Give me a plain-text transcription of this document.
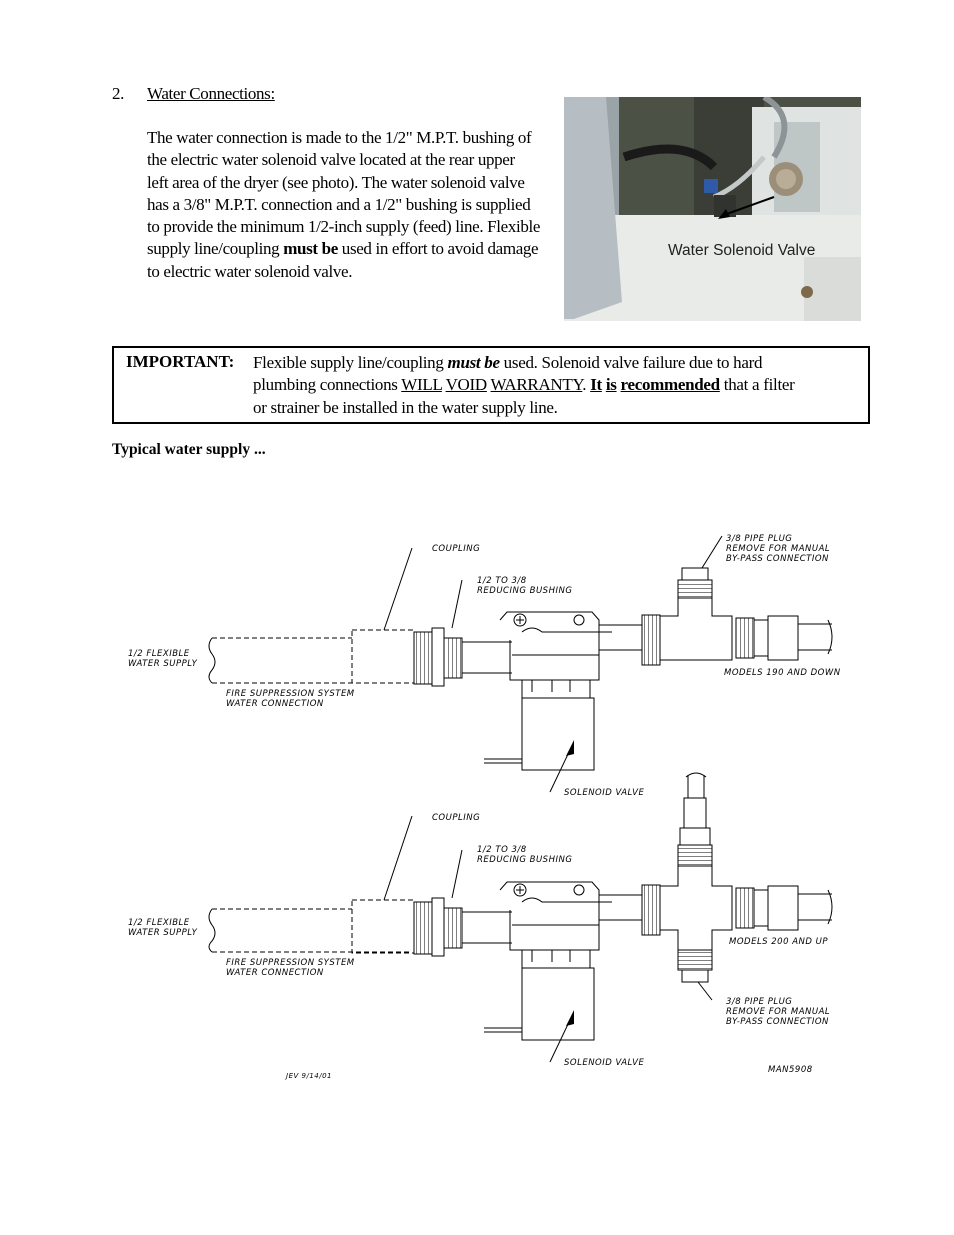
2. Water Connections:
The water connection is made to the 1/2" M.P.T. bushing of
the electric water solenoid valve located at the rear upper
left area of the dryer (see photo). The water solenoid valve
has a 3/8" M.P.T. connection and a 1/2" bushing is supplied
to provide the minimum 1/2-inch supply (feed) line. Flexible
supply line/coupling must be used in effort to avoid damage
to electric water solenoid valve.
Water Solenoid Valve
IMPORTANT: Flexible supply line/coupling must be used. Solenoid valve failure due to hard
plumbing connections WILL VOID WARRANTY. It is recommended that a filter
or strainer be installed in the water supply line.
Typical water supply ...
COUPLING
1/2 TO 3/8
REDUCING BUSHING
3/8 PIPE PLUG
REMOVE FOR MANUAL
BY-PASS CONNECTION
1/2 FLEXIBLE
WATER SUPPLY
FIRE SUPPRESSION SYSTEM
WATER CONNECTION
MODELS 190 AND DOWN
SOLENOID VALVE
COUPLING
1/2 TO 3/8
REDUCING BUSHING
1/2 FLEXIBLE
WATER SUPPLY
FIRE SUPPRESSION SYSTEM
WATER CONNECTION
MODELS 200 AND UP
3/8 PIPE PLUG
REMOVE FOR MANUAL
BY-PASS CONNECTION
SOLENOID VALVE
JEV 9/14/01
MAN5908
